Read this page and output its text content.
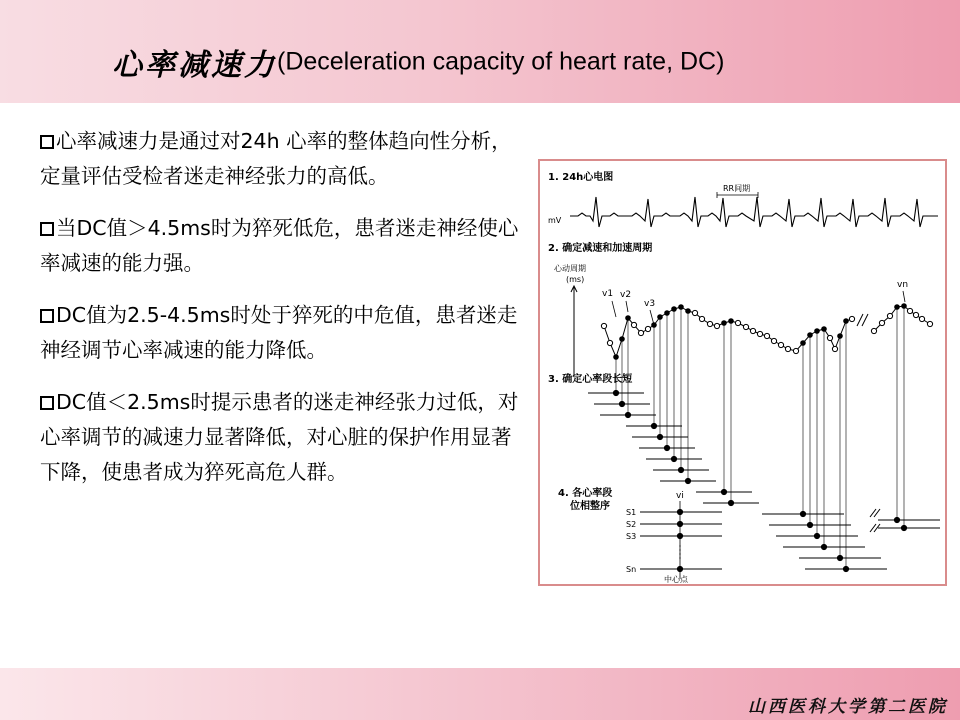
心率减速力(Deceleration capacity of heart rate, DC)

心率减速力是通过对24h 心率的整体趋向性分析，定量评估受检者迷走神经张力的高低。

当DC值＞4.5ms时为猝死低危，患者迷走神经使心率减速的能力强。

DC值为2.5-4.5ms时处于猝死的中危值，患者迷走神经调节心率减速的能力降低。

DC值＜2.5ms时提示患者的迷走神经张力过低，对心率调节的减速力显著降低，对心脏的保护作用显著下降，使患者成为猝死高危人群。

1. 24h心电图
RR间期
mV
2. 确定减速和加速周期
心动周期
(ms)
v1 v2
v3
vn
3. 确定心率段长短
4. 各心率段
位相整序
vi
S1
S2
S3
Sn
中心点
山西医科大学第二医院
